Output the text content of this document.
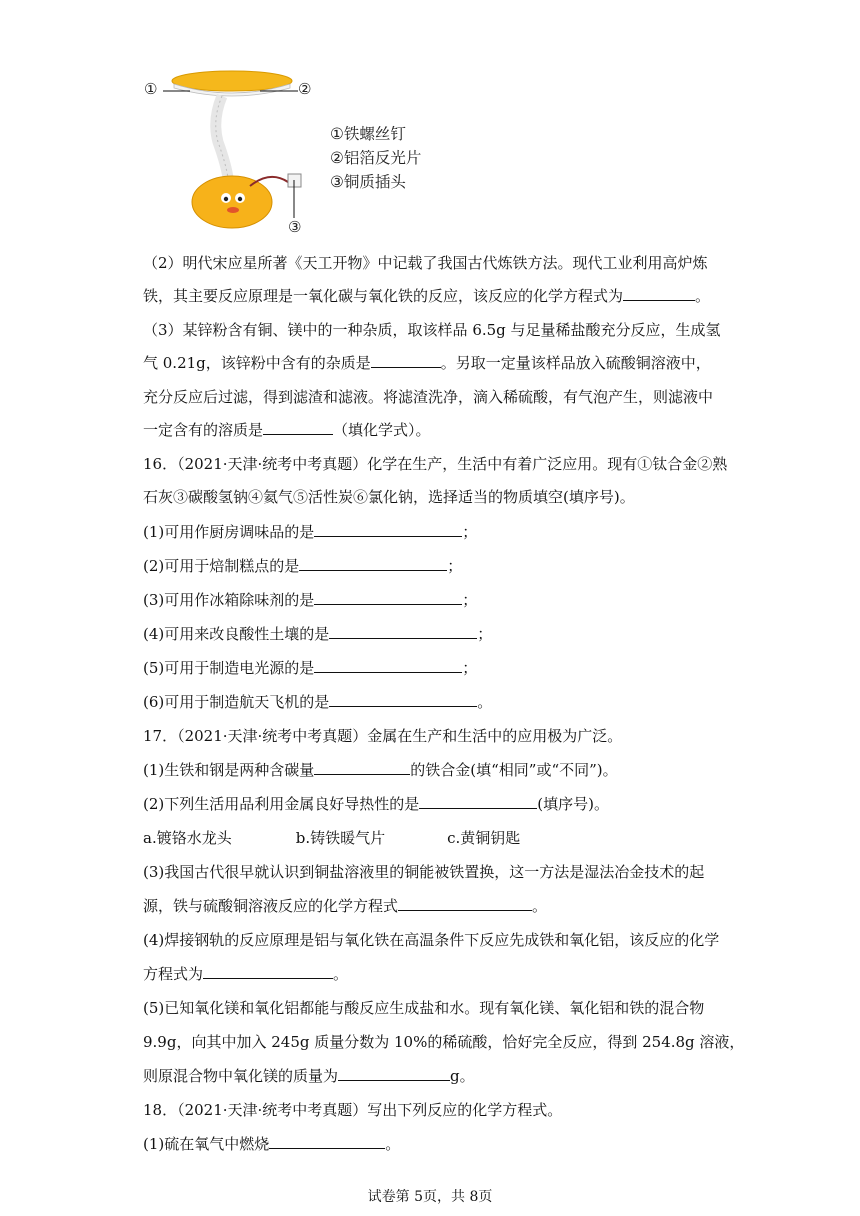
①	②
③
①铁螺丝钉
②铝箔反光片
③铜质插头
（2）明代宋应星所著《天工开物》中记载了我国古代炼铁方法。现代工业利用高炉炼
铁，其主要反应原理是一氧化碳与氧化铁的反应，该反应的化学方程式为	。
（3）某锌粉含有铜、镁中的一种杂质，取该样品 6.5g 与足量稀盐酸充分反应，生成氢
气 0.21g，该锌粉中含有的杂质是	。另取一定量该样品放入硫酸铜溶液中，
充分反应后过滤，得到滤渣和滤液。将滤渣洗净，滴入稀硫酸，有气泡产生，则滤液中
一定含有的溶质是	（填化学式）。
16．（2021·天津·统考中考真题）化学在生产，生活中有着广泛应用。现有①钛合金②熟
石灰③碳酸氢钠④氦气⑤活性炭⑥氯化钠，选择适当的物质填空(填序号)。
(1)可用作厨房调味品的是	；
(2)可用于焙制糕点的是	；
(3)可用作冰箱除味剂的是	；
(4)可用来改良酸性土壤的是	；
(5)可用于制造电光源的是	；
(6)可用于制造航天飞机的是	。
17．（2021·天津·统考中考真题）金属在生产和生活中的应用极为广泛。
(1)生铁和钢是两种含碳量	的铁合金(填“相同”或“不同”)。
(2)下列生活用品利用金属良好导热性的是	(填序号)。
a.镀铬水龙头	b.铸铁暖气片	c.黄铜钥匙
(3)我国古代很早就认识到铜盐溶液里的铜能被铁置换，这一方法是湿法冶金技术的起
源，铁与硫酸铜溶液反应的化学方程式	。
(4)焊接钢轨的反应原理是铝与氧化铁在高温条件下反应先成铁和氧化铝，该反应的化学
方程式为	。
(5)已知氧化镁和氧化铝都能与酸反应生成盐和水。现有氧化镁、氧化铝和铁的混合物
9.9g，向其中加入 245g 质量分数为 10%的稀硫酸，恰好完全反应，得到 254.8g 溶液，
则原混合物中氧化镁的质量为	g。
18．（2021·天津·统考中考真题）写出下列反应的化学方程式。
(1)硫在氧气中燃烧	。
试卷第 5页，共 8页
